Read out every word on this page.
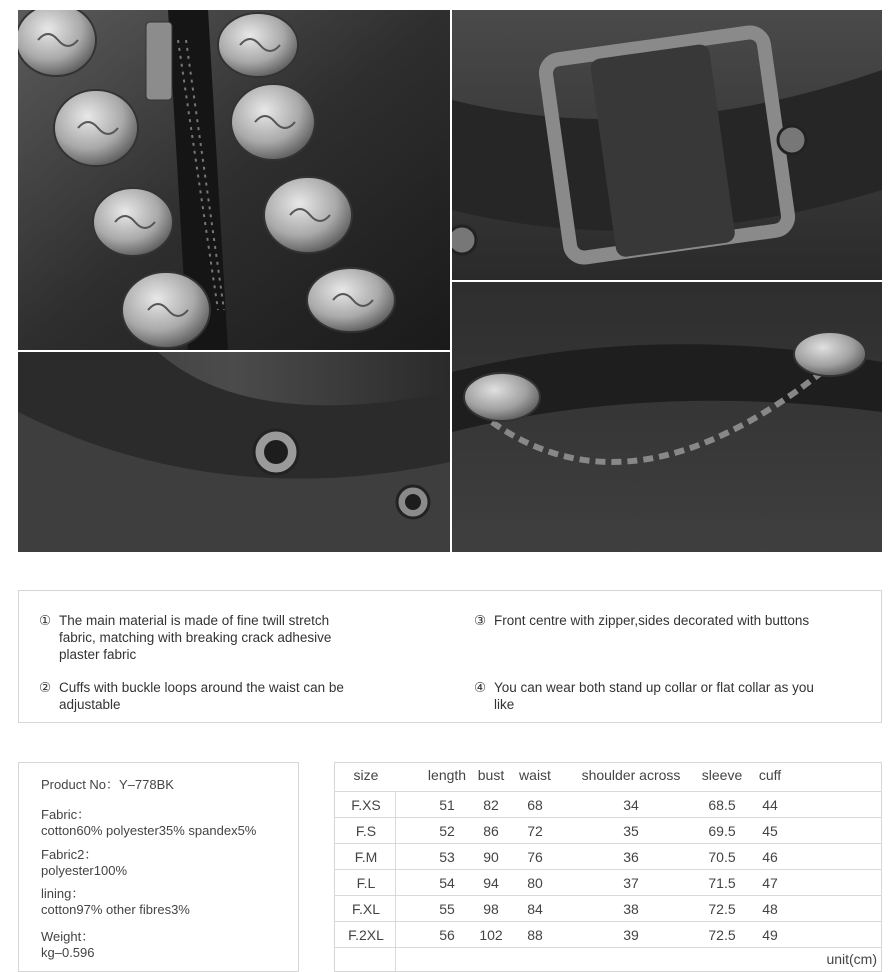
① The main material is made of fine twill stretch fabric, matching with breaking crack adhesive plaster fabric
② Cuffs with buckle loops around the waist can be adjustable
③ Front centre with zipper,sides decorated with buttons
④ You can wear both stand up collar or flat collar as you like
Product No：Y–778BK
Fabric：
cotton60% polyester35% spandex5%
Fabric2：
polyester100%
lining：
cotton97% other fibres3%
Weight：
kg–0.596	unit(cm)
size	length bust	waist	shoulder across	sleeve	cuff
F.XS	51	82	68	34	68.5	44
F.S	52	86	72	35	69.5	45
F.M	53	90	76	36	70.5	46
F.L	54	94	80	37	71.5	47
F.XL	55	98	84	38	72.5	48
F.2XL	56	102	88	39	72.5	49
